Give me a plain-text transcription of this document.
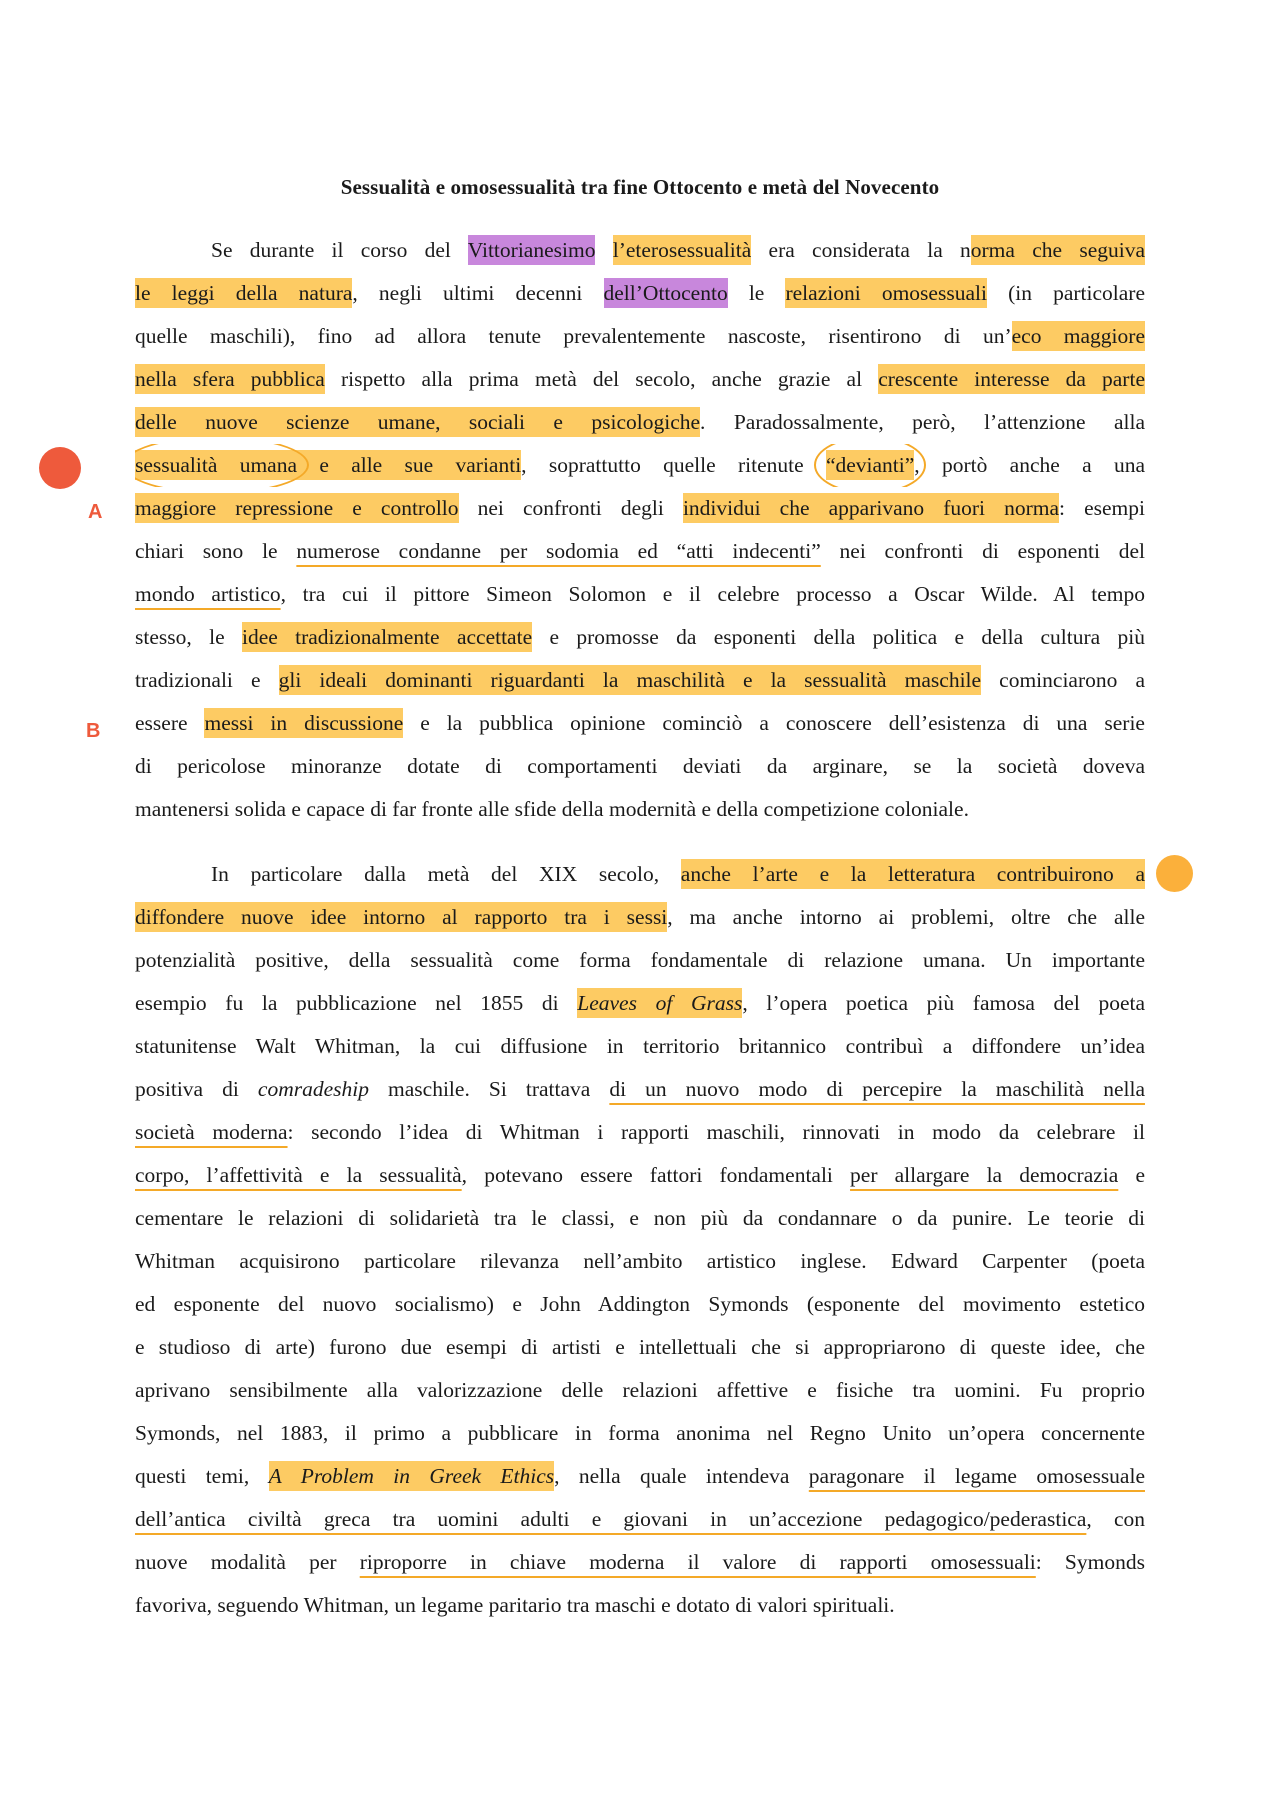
Sessualità e omosessualità tra fine Ottocento e metà del Novecento
A
B
Se durante il corso del Vittorianesimo l’eterosessualità era considerata la norma che seguiva
le leggi della natura, negli ultimi decenni dell’Ottocento le relazioni omosessuali (in particolare
quelle maschili), fino ad allora tenute prevalentemente nascoste, risentirono di un’eco maggiore
nella sfera pubblica rispetto alla prima metà del secolo, anche grazie al crescente interesse da parte
delle nuove scienze umane, sociali e psicologiche. Paradossalmente, però, l’attenzione alla
sessualità umana e alle sue varianti, soprattutto quelle ritenute “devianti”, portò anche a una
maggiore repressione e controllo nei confronti degli individui che apparivano fuori norma: esempi
chiari sono le numerose condanne per sodomia ed “atti indecenti” nei confronti di esponenti del
mondo artistico, tra cui il pittore Simeon Solomon e il celebre processo a Oscar Wilde. Al tempo
stesso, le idee tradizionalmente accettate e promosse da esponenti della politica e della cultura più
tradizionali e gli ideali dominanti riguardanti la maschilità e la sessualità maschile cominciarono a
essere messi in discussione e la pubblica opinione cominciò a conoscere dell’esistenza di una serie
di pericolose minoranze dotate di comportamenti deviati da arginare, se la società doveva
mantenersi solida e capace di far fronte alle sfide della modernità e della competizione coloniale.
In particolare dalla metà del XIX secolo, anche l’arte e la letteratura contribuirono a
diffondere nuove idee intorno al rapporto tra i sessi, ma anche intorno ai problemi, oltre che alle
potenzialità positive, della sessualità come forma fondamentale di relazione umana. Un importante
esempio fu la pubblicazione nel 1855 di Leaves of Grass, l’opera poetica più famosa del poeta
statunitense Walt Whitman, la cui diffusione in territorio britannico contribuì a diffondere un’idea
positiva di comradeship maschile. Si trattava di un nuovo modo di percepire la maschilità nella
società moderna: secondo l’idea di Whitman i rapporti maschili, rinnovati in modo da celebrare il
corpo, l’affettività e la sessualità, potevano essere fattori fondamentali per allargare la democrazia e
cementare le relazioni di solidarietà tra le classi, e non più da condannare o da punire. Le teorie di
Whitman acquisirono particolare rilevanza nell’ambito artistico inglese. Edward Carpenter (poeta
ed esponente del nuovo socialismo) e John Addington Symonds (esponente del movimento estetico
e studioso di arte) furono due esempi di artisti e intellettuali che si appropriarono di queste idee, che
aprivano sensibilmente alla valorizzazione delle relazioni affettive e fisiche tra uomini. Fu proprio
Symonds, nel 1883, il primo a pubblicare in forma anonima nel Regno Unito un’opera concernente
questi temi, A Problem in Greek Ethics, nella quale intendeva paragonare il legame omosessuale
dell’antica civiltà greca tra uomini adulti e giovani in un’accezione pedagogico/pederastica, con
nuove modalità per riproporre in chiave moderna il valore di rapporti omosessuali: Symonds
favoriva, seguendo Whitman, un legame paritario tra maschi e dotato di valori spirituali.
